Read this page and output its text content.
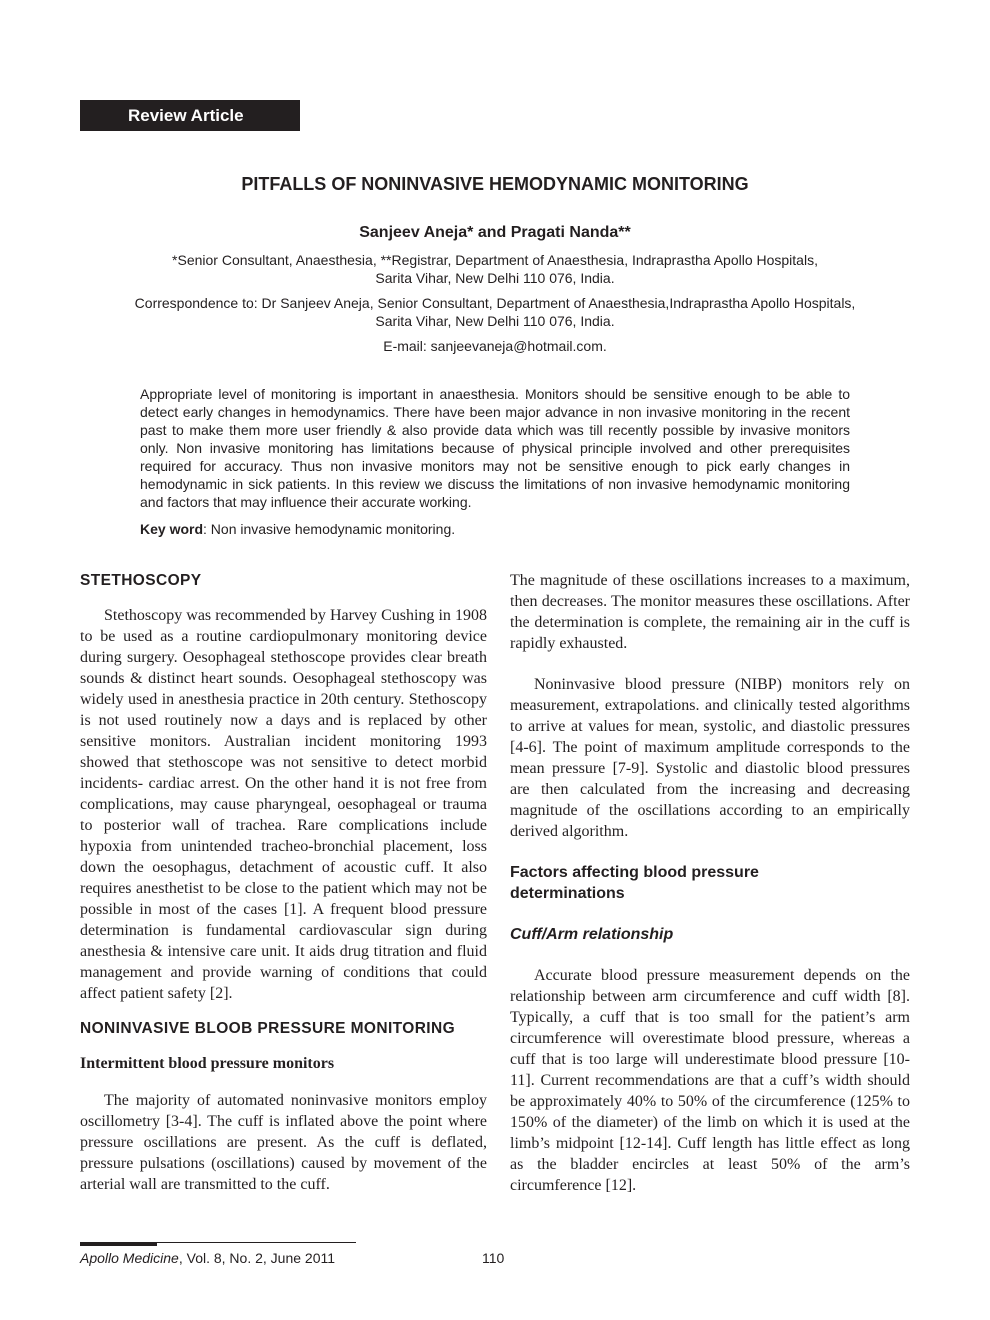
Review Article
PITFALLS OF NONINVASIVE HEMODYNAMIC MONITORING
Sanjeev Aneja* and Pragati Nanda**
*Senior Consultant, Anaesthesia, **Registrar, Department of Anaesthesia, Indraprastha Apollo Hospitals,
Sarita Vihar, New Delhi 110 076, India.
Correspondence to: Dr Sanjeev Aneja, Senior Consultant, Department of Anaesthesia,Indraprastha Apollo Hospitals,
Sarita Vihar, New Delhi 110 076, India.
E-mail: sanjeevaneja@hotmail.com.

Appropriate level of monitoring is important in anaesthesia. Monitors should be sensitive enough to be able to detect early changes in hemodynamics. There have been major advance in non invasive monitoring in the recent past to make them more user friendly & also provide data which was till recently possible by invasive monitors only. Non invasive monitoring has limitations because of physical principle involved and other prerequisites required for accuracy. Thus non invasive monitors may not be sensitive enough to pick early changes in hemodynamic in sick patients. In this review we discuss the limitations of non invasive hemodynamic monitoring and factors that may influence their accurate working.

Key word: Non invasive hemodynamic monitoring.

STETHOSCOPY

Stethoscopy was recommended by Harvey Cushing in 1908 to be used as a routine cardiopulmonary monitoring device during surgery. Oesophageal stethoscope provides clear breath sounds & distinct heart sounds. Oesophageal stethoscopy was widely used in anesthesia practice in 20th century. Stethoscopy is not used routinely now a days and is replaced by other sensitive monitors. Australian incident monitoring 1993 showed that stethoscope was not sensitive to detect morbid incidents- cardiac arrest. On the other hand it is not free from complications, may cause pharyngeal, oesophageal or trauma to posterior wall of trachea. Rare complications include hypoxia from unintended tracheo-bronchial placement, loss down the oesophagus, detachment of acoustic cuff. It also requires anesthetist to be close to the patient which may not be possible in most of the cases [1]. A frequent blood pressure determination is fundamental cardiovascular sign during anesthesia & intensive care unit. It aids drug titration and fluid management and provide warning of conditions that could affect patient safety [2].

NONINVASIVE BLOOB PRESSURE MONITORING
Intermittent blood pressure monitors

The majority of automated noninvasive monitors employ oscillometry [3-4]. The cuff is inflated above the point where pressure oscillations are present. As the cuff is deflated, pressure pulsations (oscillations) caused by movement of the arterial wall are transmitted to the cuff.

The magnitude of these oscillations increases to a maximum, then decreases. The monitor measures these oscillations. After the determination is complete, the remaining air in the cuff is rapidly exhausted.

Noninvasive blood pressure (NIBP) monitors rely on measurement, extrapolations. and clinically tested algorithms to arrive at values for mean, systolic, and diastolic pressures [4-6]. The point of maximum amplitude corresponds to the mean pressure [7-9]. Systolic and diastolic blood pressures are then calculated from the increasing and decreasing magnitude of the oscillations according to an empirically derived algorithm.

Factors affecting blood pressure
determinations
Cuff/Arm relationship

Accurate blood pressure measurement depends on the relationship between arm circumference and cuff width [8]. Typically, a cuff that is too small for the patient’s arm circumference will overestimate blood pressure, whereas a cuff that is too large will underestimate blood pressure [10-11]. Current recommendations are that a cuff’s width should be approximately 40% to 50% of the circumference (125% to 150% of the diameter) of the limb on which it is used at the limb’s midpoint [12-14]. Cuff length has little effect as long as the bladder encircles at least 50% of the arm’s circumference [12].

Apollo Medicine, Vol. 8, No. 2, June 2011	110
